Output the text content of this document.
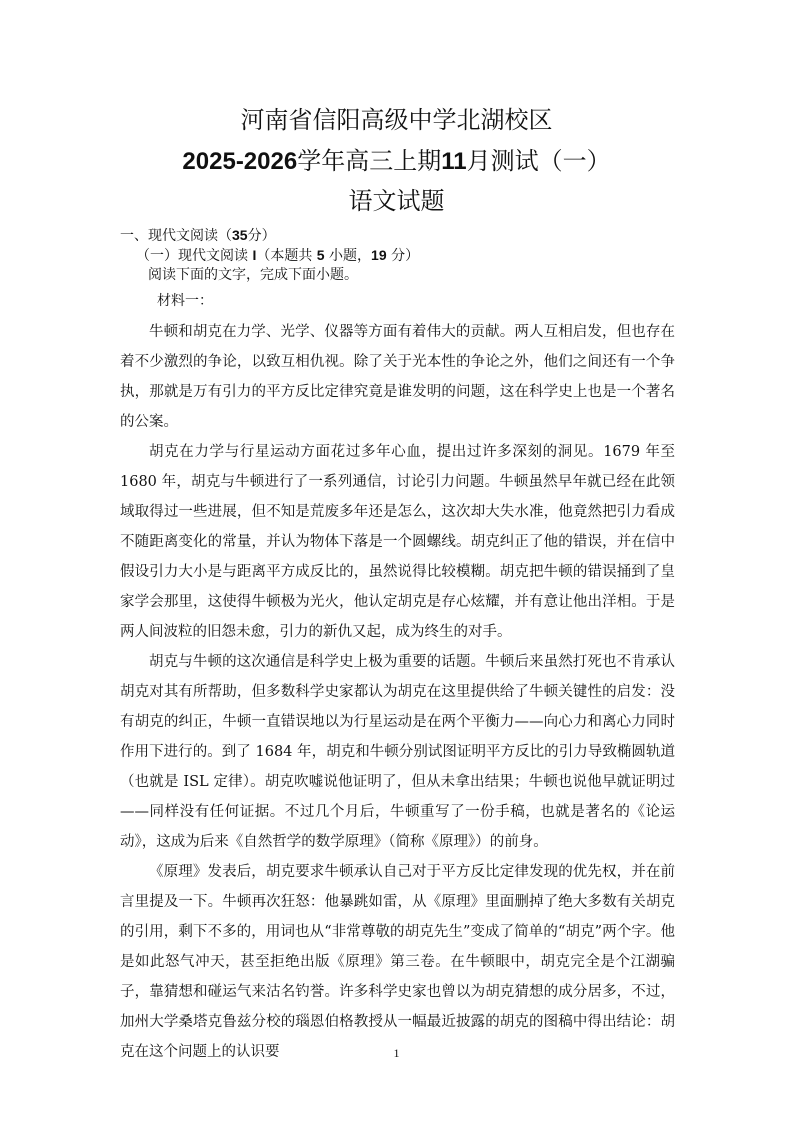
河南省信阳高级中学北湖校区
2025-2026学年高三上期11月测试（一）
语文试题
一、现代文阅读（35分）
（一）现代文阅读 I（本题共 5 小题，19 分）
阅读下面的文字，完成下面小题。
材料一：

牛顿和胡克在力学、光学、仪器等方面有着伟大的贡献。两人互相启发，但也存在着不少激烈的争论，以致互相仇视。除了关于光本性的争论之外，他们之间还有一个争执，那就是万有引力的平方反比定律究竟是谁发明的问题，这在科学史上也是一个著名的公案。

胡克在力学与行星运动方面花过多年心血，提出过许多深刻的洞见。1679 年至 1680 年，胡克与牛顿进行了一系列通信，讨论引力问题。牛顿虽然早年就已经在此领域取得过一些进展，但不知是荒废多年还是怎么，这次却大失水准，他竟然把引力看成不随距离变化的常量，并认为物体下落是一个圆螺线。胡克纠正了他的错误，并在信中假设引力大小是与距离平方成反比的，虽然说得比较模糊。胡克把牛顿的错误捅到了皇家学会那里，这使得牛顿极为光火，他认定胡克是存心炫耀，并有意让他出洋相。于是两人间波粒的旧怨未愈，引力的新仇又起，成为终生的对手。

胡克与牛顿的这次通信是科学史上极为重要的话题。牛顿后来虽然打死也不肯承认胡克对其有所帮助，但多数科学史家都认为胡克在这里提供给了牛顿关键性的启发：没有胡克的纠正，牛顿一直错误地以为行星运动是在两个平衡力——向心力和离心力同时作用下进行的。到了 1684 年，胡克和牛顿分别试图证明平方反比的引力导致椭圆轨道（也就是 ISL 定律）。胡克吹嘘说他证明了，但从未拿出结果；牛顿也说他早就证明过——同样没有任何证据。不过几个月后，牛顿重写了一份手稿，也就是著名的《论运动》，这成为后来《自然哲学的数学原理》（简称《原理》）的前身。

《原理》发表后，胡克要求牛顿承认自己对于平方反比定律发现的优先权，并在前言里提及一下。牛顿再次狂怒：他暴跳如雷，从《原理》里面删掉了绝大多数有关胡克的引用，剩下不多的，用词也从“非常尊敬的胡克先生”变成了简单的“胡克”两个字。他是如此怒气冲天，甚至拒绝出版《原理》第三卷。在牛顿眼中，胡克完全是个江湖骗子，靠猜想和碰运气来沽名钓誉。许多科学史家也曾以为胡克猜想的成分居多，不过，加州大学桑塔克鲁兹分校的瑙恩伯格教授从一幅最近披露的胡克的图稿中得出结论：胡克在这个问题上的认识要	1
